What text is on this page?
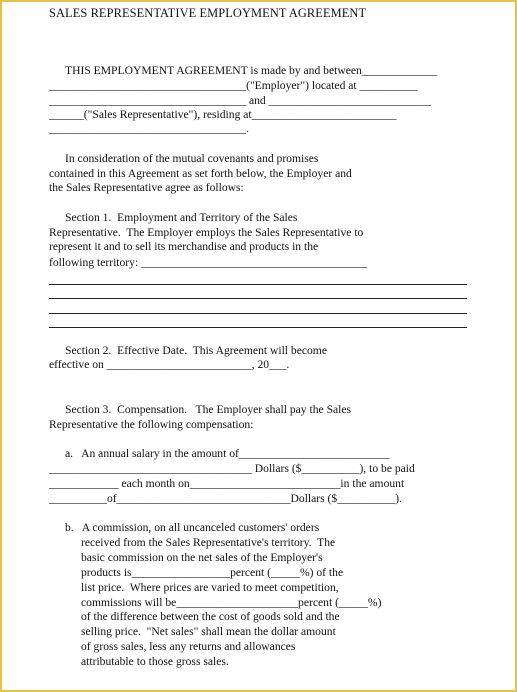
SALES REPRESENTATIVE EMPLOYMENT AGREEMENT
THIS EMPLOYMENT AGREEMENT is made by and between_____________
__________________________________("Employer") located at __________
__________________________________ and ____________________________
______("Sales Representative"), residing at_________________________
__________________________________.
In consideration of the mutual covenants and promises
contained in this Agreement as set forth below, the Employer and
the Sales Representative agree as follows:
Section 1.  Employment and Territory of the Sales
Representative.  The Employer employs the Sales Representative to
represent it and to sell its merchandise and products in the
following territory: _______________________________________
Section 2.  Effective Date.  This Agreement will become
effective on _________________________, 20___.
Section 3.  Compensation.   The Employer shall pay the Sales
Representative the following compensation:
a.   An annual salary in the amount of__________________________
___________________________________ Dollars ($__________), to be paid
____________ each month on__________________________in the amount
__________of______________________________Dollars ($__________).
b.   A commission, on all uncanceled customers' orders
received from the Sales Representative's territory.  The
basic commission on the net sales of the Employer's
products is_________________percent (_____%) of the
list price.  Where prices are varied to meet competition,
commissions will be_____________________percent (_____%)
of the difference between the cost of goods sold and the
selling price.  "Net sales" shall mean the dollar amount
of gross sales, less any returns and allowances
attributable to those gross sales.
